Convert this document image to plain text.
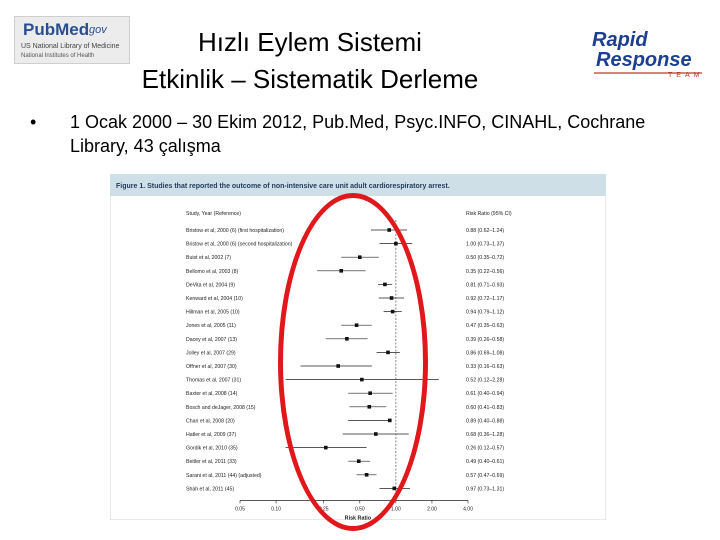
PubMed
.gov
US National Library of Medicine
National Institutes of Health	Hızlı Eylem Sistemi
Etkinlik – Sistematik Derleme
Rapid
Response
TEAM
• 1 Ocak 2000 – 30 Ekim 2012, Pub.Med, Psyc.INFO, CINAHL, Cochrane Library, 43 çalışma
Figure 1. Studies that reported the outcome of non-intensive care unit adult cardiorespiratory arrest.
Study, Year (Reference)	Risk Ratio (95% CI)
Bristow et al, 2000 (6) (first hospitalization)	0.88 (0.62–1.24)
Bristow et al, 2000 (6) (second hospitalization)	1.00 (0.73–1.37)
Buist et al, 2002 (7)	0.50 (0.35–0.72)
Bellomo et al, 2003 (8)	0.35 (0.22–0.56)
DeVita et al, 2004 (9)	0.81 (0.71–0.93)
Kenward et al, 2004 (10)	0.92 (0.72–1.17)
Hillman et al, 2005 (10)	0.94 (0.79–1.12)
Jones et al, 2005 (11)	0.47 (0.35–0.63)
Dacey et al, 2007 (13)	0.39 (0.26–0.58)
Jolley et al, 2007 (29)	0.86 (0.69–1.08)
Offner et al, 2007 (30)	0.33 (0.16–0.63)
Thomas et al, 2007 (31)	0.52 (0.12–2.28)
Baxter et al, 2008 (14)	0.61 (0.40–0.94)
Bosch and deJager, 2008 (15)	0.60 (0.41–0.83)
Chan et al, 2008 (20)	0.89 (0.40–0.88)
Hatler et al, 2009 (37)	0.68 (0.36–1.28)
Gordik et al, 2010 (35)	0.26 (0.12–0.57)
Beitler et al, 2011 (33)	0.49 (0.40–0.61)
Sarani et al, 2011 (44) (adjusted)	0.57 (0.47–0.69)
Shah et al, 2011 (45)	0.97 (0.73–1.31)
0.05	0.10	0.25	0.50	1.00	2.00	4.00
Risk Ratio
